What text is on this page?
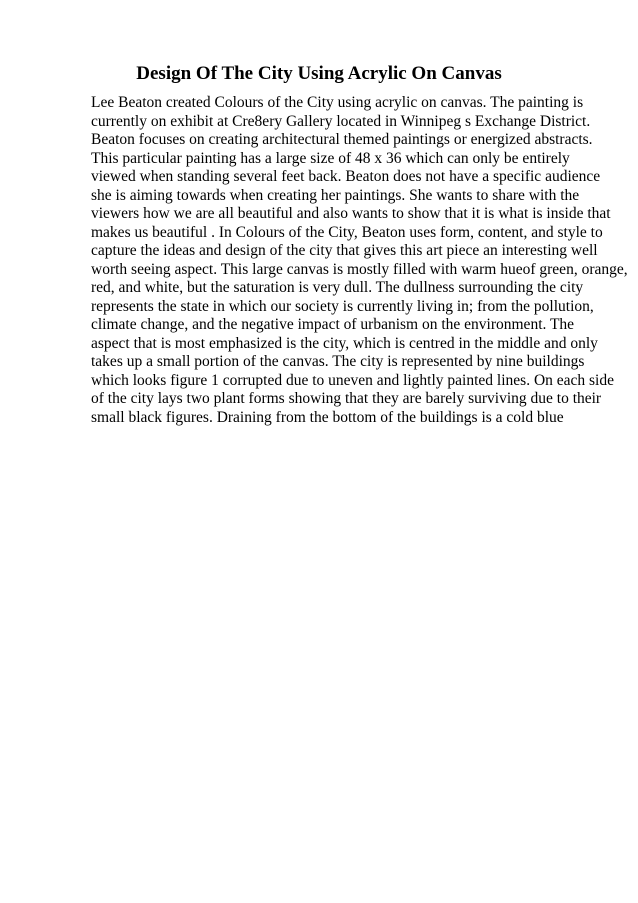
Design Of The City Using Acrylic On Canvas
Lee Beaton created Colours of the City using acrylic on canvas. The painting is
currently on exhibit at Cre8ery Gallery located in Winnipeg s Exchange District.
Beaton focuses on creating architectural themed paintings or energized abstracts.
This particular painting has a large size of 48 x 36 which can only be entirely
viewed when standing several feet back. Beaton does not have a specific audience
she is aiming towards when creating her paintings. She wants to share with the
viewers how we are all beautiful and also wants to show that it is what is inside that
makes us beautiful . In Colours of the City, Beaton uses form, content, and style to
capture the ideas and design of the city that gives this art piece an interesting well
worth seeing aspect. This large canvas is mostly filled with warm hueof green, orange,
red, and white, but the saturation is very dull. The dullness surrounding the city
represents the state in which our society is currently living in; from the pollution,
climate change, and the negative impact of urbanism on the environment. The
aspect that is most emphasized is the city, which is centred in the middle and only
takes up a small portion of the canvas. The city is represented by nine buildings
which looks figure 1 corrupted due to uneven and lightly painted lines. On each side
of the city lays two plant forms showing that they are barely surviving due to their
small black figures. Draining from the bottom of the buildings is a cold blue
